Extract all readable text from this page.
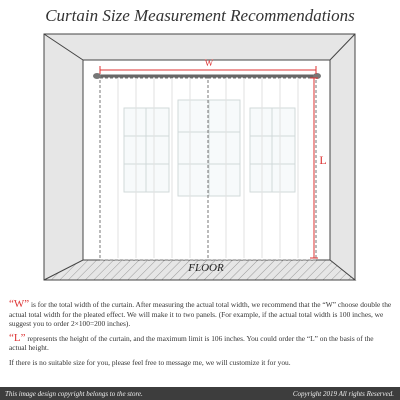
Curtain Size Measurement Recommendations
W
L
FLOOR

“W” is for the total width of the curtain. After measuring the actual total width, we recommend that the “W” choose double the actual total width for the pleated effect. We will make it to two panels. (For example, if the actual total width is 100 inches, we suggest you to order 2×100=200 inches).

“L” represents the height of the curtain, and the maximum limit is 106 inches. You could order the “L” on the basis of the actual height.

If there is no suitable size for you, please feel free to message me, we will customize it for you.

This image design copyright belongs to the store.	Copyright 2019 All rights Reserved.
